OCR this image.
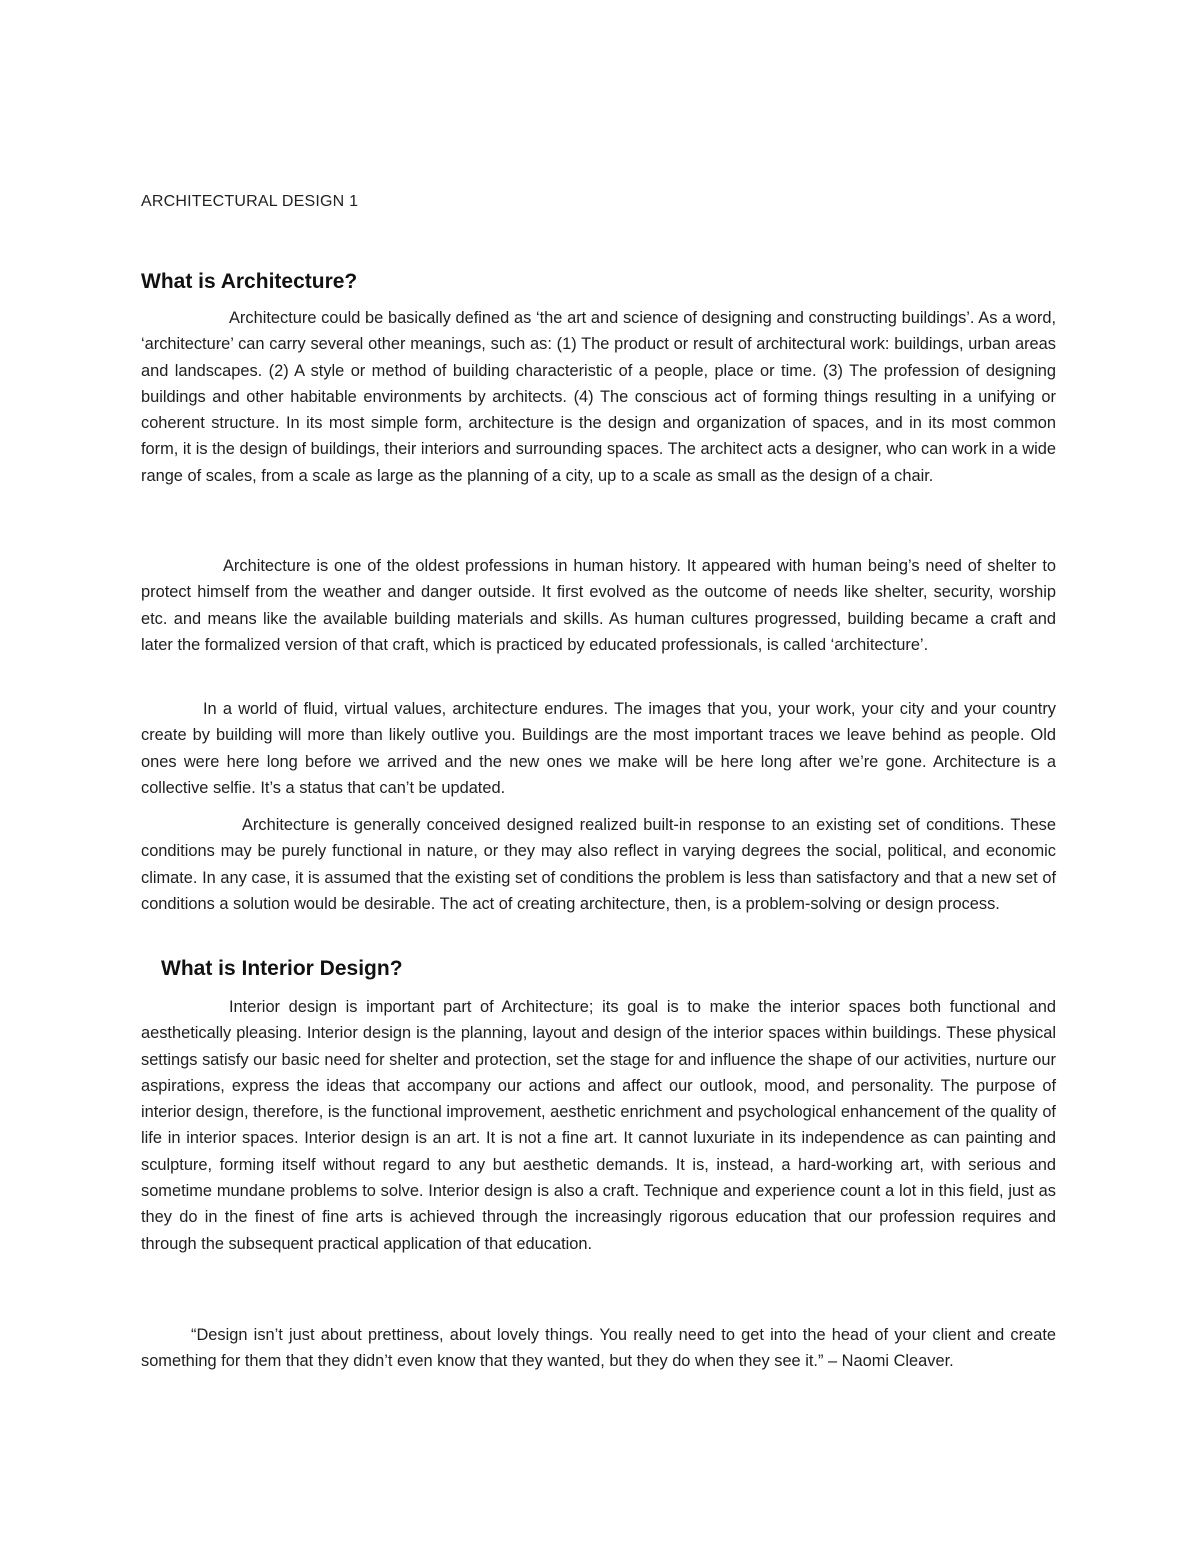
ARCHITECTURAL DESIGN 1
What is Architecture?

Architecture could be basically defined as ‘the art and science of designing and constructing buildings’. As a word, ‘architecture’ can carry several other meanings, such as: (1) The product or result of architectural work: buildings, urban areas and landscapes. (2) A style or method of building characteristic of a people, place or time. (3) The profession of designing buildings and other habitable environments by architects. (4) The conscious act of forming things resulting in a unifying or coherent structure. In its most simple form, architecture is the design and organization of spaces, and in its most common form, it is the design of buildings, their interiors and surrounding spaces. The architect acts a designer, who can work in a wide range of scales, from a scale as large as the planning of a city, up to a scale as small as the design of a chair.

Architecture is one of the oldest professions in human history. It appeared with human being’s need of shelter to protect himself from the weather and danger outside. It first evolved as the outcome of needs like shelter, security, worship etc. and means like the available building materials and skills. As human cultures progressed, building became a craft and later the formalized version of that craft, which is practiced by educated professionals, is called ‘architecture’.

In a world of fluid, virtual values, architecture endures. The images that you, your work, your city and your country create by building will more than likely outlive you. Buildings are the most important traces we leave behind as people. Old ones were here long before we arrived and the new ones we make will be here long after we’re gone. Architecture is a collective selfie. It’s a status that can’t be updated.

Architecture is generally conceived designed realized built-in response to an existing set of conditions. These conditions may be purely functional in nature, or they may also reflect in varying degrees the social, political, and economic climate. In any case, it is assumed that the existing set of conditions the problem is less than satisfactory and that a new set of conditions a solution would be desirable. The act of creating architecture, then, is a problem-solving or design process.

What is Interior Design?

Interior design is important part of Architecture; its goal is to make the interior spaces both functional and aesthetically pleasing. Interior design is the planning, layout and design of the interior spaces within buildings. These physical settings satisfy our basic need for shelter and protection, set the stage for and influence the shape of our activities, nurture our aspirations, express the ideas that accompany our actions and affect our outlook, mood, and personality. The purpose of interior design, therefore, is the functional improvement, aesthetic enrichment and psychological enhancement of the quality of life in interior spaces. Interior design is an art. It is not a fine art. It cannot luxuriate in its independence as can painting and sculpture, forming itself without regard to any but aesthetic demands. It is, instead, a hard-working art, with serious and sometime mundane problems to solve. Interior design is also a craft. Technique and experience count a lot in this field, just as they do in the finest of fine arts is achieved through the increasingly rigorous education that our profession requires and through the subsequent practical application of that education.

“Design isn’t just about prettiness, about lovely things. You really need to get into the head of your client and create something for them that they didn’t even know that they wanted, but they do when they see it.” – Naomi Cleaver.
